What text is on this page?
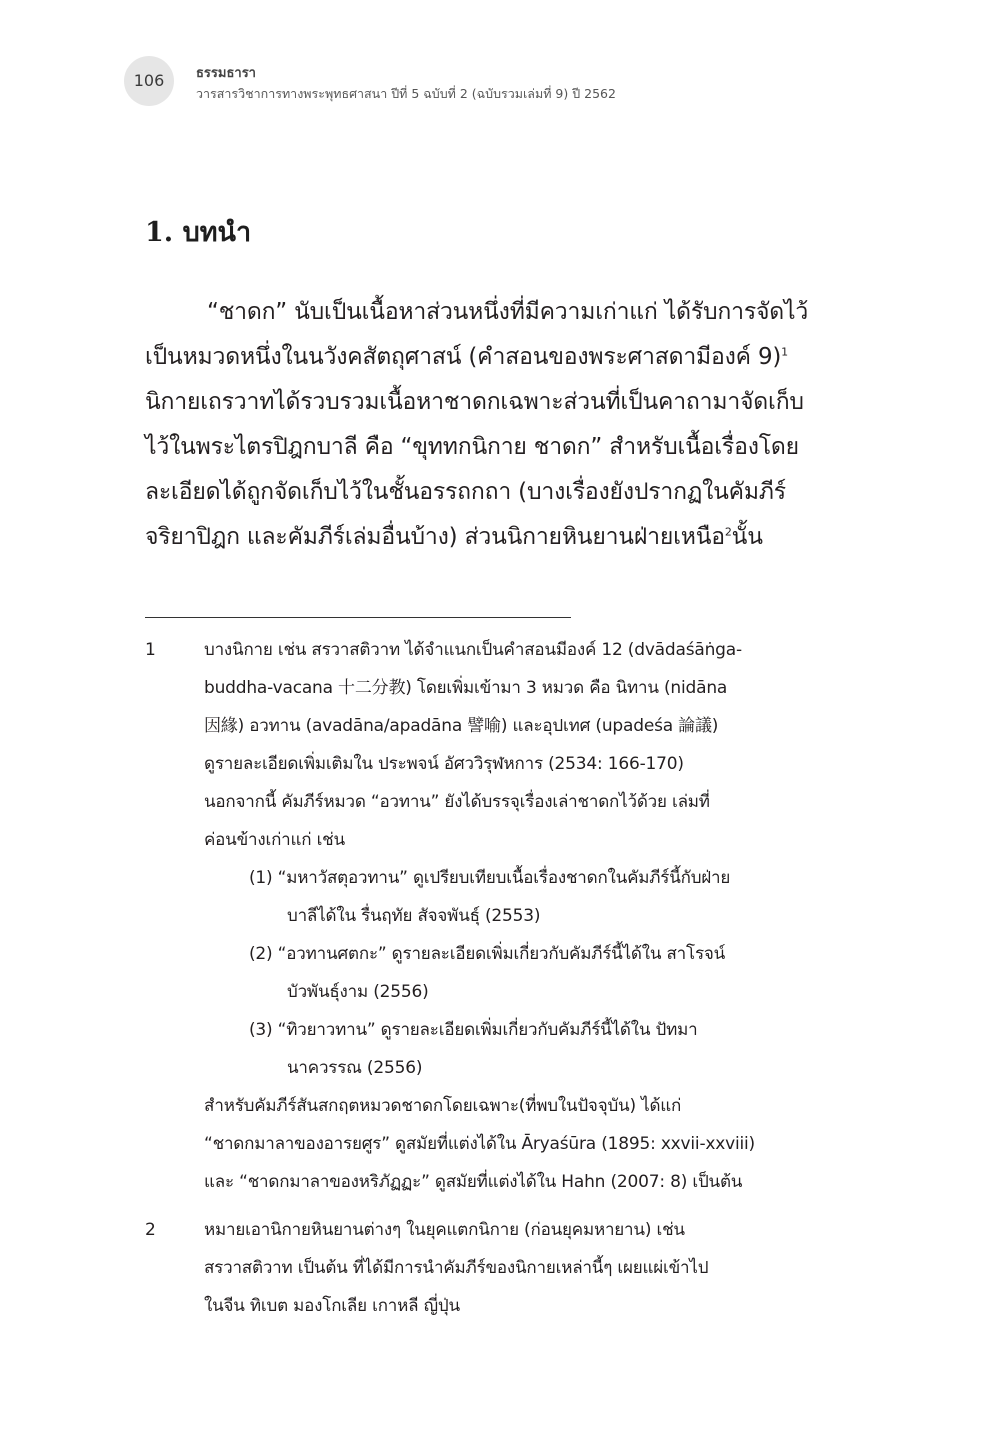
106	ธรรมธารา
วารสารวิชาการทางพระพุทธศาสนา ปีที่ 5 ฉบับที่ 2 (ฉบับรวมเล่มที่ 9) ปี 2562
1. บทนำ
“ชาดก” นับเป็นเนื้อหาส่วนหนึ่งที่มีความเก่าแก่ ได้รับการจัดไว้
เป็นหมวดหนึ่งในนวังคสัตถุศาสน์ (คำสอนของพระศาสดามีองค์ 9)$^1$
นิกายเถรวาทได้รวบรวมเนื้อหาชาดกเฉพาะส่วนที่เป็นคาถามาจัดเก็บ
ไว้ในพระไตรปิฎกบาลี คือ “ขุททกนิกาย ชาดก” สำหรับเนื้อเรื่องโดย
ละเอียดได้ถูกจัดเก็บไว้ในชั้นอรรถกถา (บางเรื่องยังปรากฏในคัมภีร์
จริยาปิฎก และคัมภีร์เล่มอื่นบ้าง) ส่วนนิกายหินยานฝ่ายเหนือ$^2$นั้น
1	บางนิกาย เช่น สรวาสติวาท ได้จำแนกเป็นคำสอนมีองค์ 12 (dvādaśāṅga-
buddha-vacana 十二分教) โดยเพิ่มเข้ามา 3 หมวด คือ นิทาน (nidāna
因緣) อวทาน (avadāna/apadāna 譬喻) และอุปเทศ (upadeśa 論議)
ดูรายละเอียดเพิ่มเติมใน ประพจน์ อัศววิรุฬหการ (2534: 166-170)
นอกจากนี้ คัมภีร์หมวด “อวทาน” ยังได้บรรจุเรื่องเล่าชาดกไว้ด้วย เล่มที่
ค่อนข้างเก่าแก่ เช่น
(1) “มหาวัสตุอวทาน” ดูเปรียบเทียบเนื้อเรื่องชาดกในคัมภีร์นี้กับฝ่าย
บาลีได้ใน รื่นฤทัย สัจจพันธุ์ (2553)
(2) “อวทานศตกะ” ดูรายละเอียดเพิ่มเกี่ยวกับคัมภีร์นี้ได้ใน สาโรจน์
บัวพันธุ์งาม (2556)
(3) “ทิวยาวทาน” ดูรายละเอียดเพิ่มเกี่ยวกับคัมภีร์นี้ได้ใน ปัทมา
นาควรรณ (2556)
สำหรับคัมภีร์สันสกฤตหมวดชาดกโดยเฉพาะ(ที่พบในปัจจุบัน) ได้แก่
“ชาดกมาลาของอารยศูร” ดูสมัยที่แต่งได้ใน Āryaśūra (1895: xxvii-xxviii)
และ “ชาดกมาลาของหริภัฏฏะ” ดูสมัยที่แต่งได้ใน Hahn (2007: 8) เป็นต้น
2	หมายเอานิกายหินยานต่างๆ ในยุคแตกนิกาย (ก่อนยุคมหายาน) เช่น
สรวาสติวาท เป็นต้น ที่ได้มีการนำคัมภีร์ของนิกายเหล่านี้ๆ เผยแผ่เข้าไป
ในจีน ทิเบต มองโกเลีย เกาหลี ญี่ปุ่น
